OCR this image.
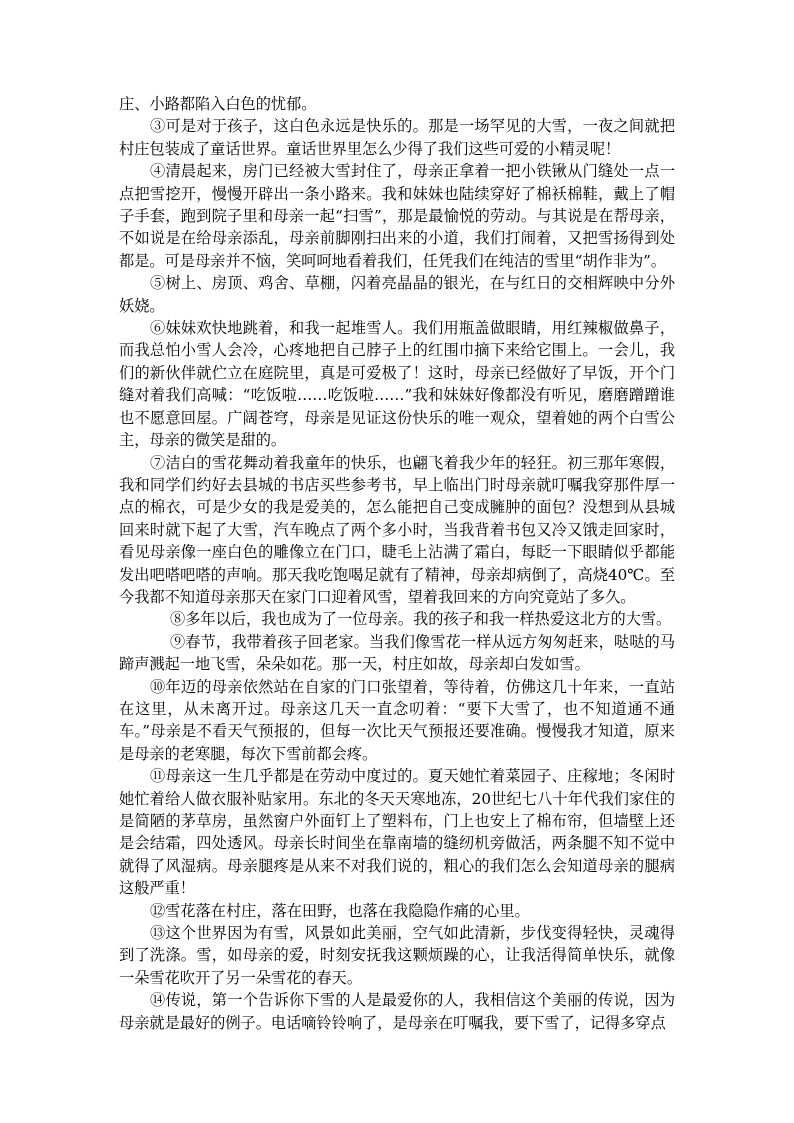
庄、小路都陷入白色的忧郁。

③可是对于孩子，这白色永远是快乐的。那是一场罕见的大雪，一夜之间就把村庄包装成了童话世界。童话世界里怎么少得了我们这些可爱的小精灵呢！

④清晨起来，房门已经被大雪封住了，母亲正拿着一把小铁锹从门缝处一点一点把雪挖开，慢慢开辟出一条小路来。我和妹妹也陆续穿好了棉袄棉鞋，戴上了帽子手套，跑到院子里和母亲一起“扫雪”，那是最愉悦的劳动。与其说是在帮母亲，不如说是在给母亲添乱，母亲前脚刚扫出来的小道，我们打闹着，又把雪扬得到处都是。可是母亲并不恼，笑呵呵地看着我们，任凭我们在纯洁的雪里“胡作非为”。

⑤树上、房顶、鸡舍、草棚，闪着亮晶晶的银光，在与红日的交相辉映中分外妖娆。

⑥妹妹欢快地跳着，和我一起堆雪人。我们用瓶盖做眼睛，用红辣椒做鼻子，而我总怕小雪人会冷，心疼地把自己脖子上的红围巾摘下来给它围上。一会儿，我们的新伙伴就伫立在庭院里，真是可爱极了！这时，母亲已经做好了早饭，开个门缝对着我们高喊：“吃饭啦……吃饭啦……”我和妹妹好像都没有听见，磨磨蹭蹭谁也不愿意回屋。广阔苍穹，母亲是见证这份快乐的唯一观众，望着她的两个白雪公主，母亲的微笑是甜的。

⑦洁白的雪花舞动着我童年的快乐，也翩飞着我少年的轻狂。初三那年寒假，我和同学们约好去县城的书店买些参考书，早上临出门时母亲就叮嘱我穿那件厚一点的棉衣，可是少女的我是爱美的，怎么能把自己变成臃肿的面包？没想到从县城回来时就下起了大雪，汽车晚点了两个多小时，当我背着书包又冷又饿走回家时，看见母亲像一座白色的雕像立在门口，睫毛上沾满了霜白，每眨一下眼睛似乎都能发出吧嗒吧嗒的声响。那天我吃饱喝足就有了精神，母亲却病倒了，高烧40℃。至今我都不知道母亲那天在家门口迎着风雪，望着我回来的方向究竟站了多久。

⑧多年以后，我也成为了一位母亲。我的孩子和我一样热爱这北方的大雪。

⑨春节，我带着孩子回老家。当我们像雪花一样从远方匆匆赶来，哒哒的马蹄声溅起一地飞雪，朵朵如花。那一天，村庄如故，母亲却白发如雪。

⑩年迈的母亲依然站在自家的门口张望着，等待着，仿佛这几十年来，一直站在这里，从未离开过。母亲这几天一直念叨着：“要下大雪了，也不知道通不通车。”母亲是不看天气预报的，但每一次比天气预报还要准确。慢慢我才知道，原来是母亲的老寒腿，每次下雪前都会疼。

⑪母亲这一生几乎都是在劳动中度过的。夏天她忙着菜园子、庄稼地；冬闲时她忙着给人做衣服补贴家用。东北的冬天天寒地冻，20世纪七八十年代我们家住的是简陋的茅草房，虽然窗户外面钉上了塑料布，门上也安上了棉布帘，但墙壁上还是会结霜，四处透风。母亲长时间坐在靠南墙的缝纫机旁做活，两条腿不知不觉中就得了风湿病。母亲腿疼是从来不对我们说的，粗心的我们怎么会知道母亲的腿病这般严重！

⑫雪花落在村庄，落在田野，也落在我隐隐作痛的心里。

⑬这个世界因为有雪，风景如此美丽，空气如此清新，步伐变得轻快，灵魂得到了洗涤。雪，如母亲的爱，时刻安抚我这颗烦躁的心，让我活得简单快乐，就像一朵雪花吹开了另一朵雪花的春天。

⑭传说，第一个告诉你下雪的人是最爱你的人，我相信这个美丽的传说，因为母亲就是最好的例子。电话嘀铃铃响了，是母亲在叮嘱我，要下雪了，记得多穿点
